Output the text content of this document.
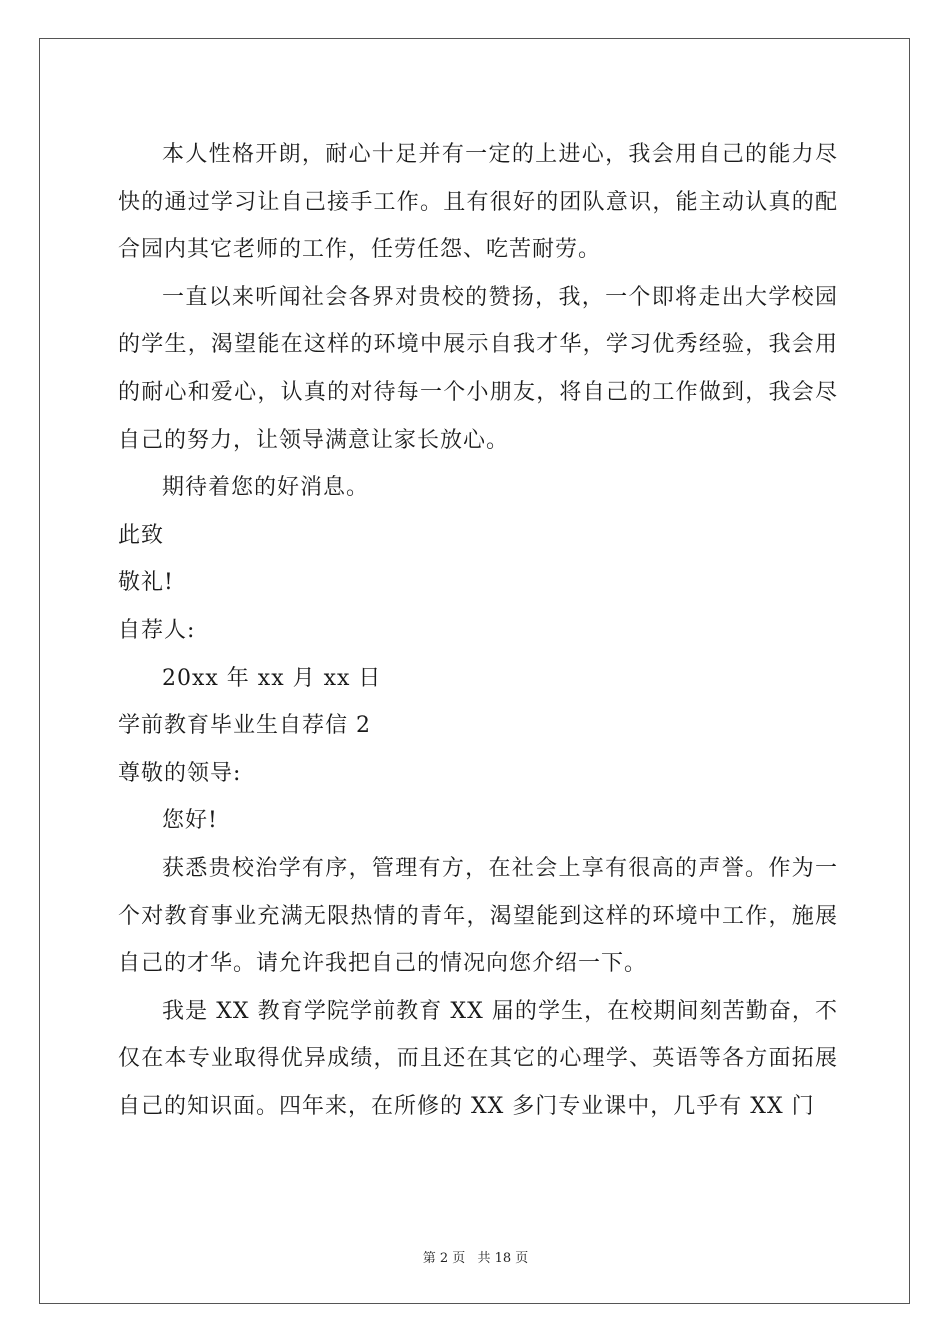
本人性格开朗，耐心十足并有一定的上进心，我会用自己的能力尽快的通过学习让自己接手工作。且有很好的团队意识，能主动认真的配合园内其它老师的工作，任劳任怨、吃苦耐劳。

一直以来听闻社会各界对贵校的赞扬，我，一个即将走出大学校园的学生，渴望能在这样的环境中展示自我才华，学习优秀经验，我会用的耐心和爱心，认真的对待每一个小朋友，将自己的工作做到，我会尽自己的努力，让领导满意让家长放心。

期待着您的好消息。

此致

敬礼!

自荐人:

20xx 年 xx 月 xx 日

学前教育毕业生自荐信 2

尊敬的领导:

您好!

获悉贵校治学有序，管理有方，在社会上享有很高的声誉。作为一个对教育事业充满无限热情的青年，渴望能到这样的环境中工作，施展自己的才华。请允许我把自己的情况向您介绍一下。

我是 XX 教育学院学前教育 XX 届的学生，在校期间刻苦勤奋，不仅在本专业取得优异成绩，而且还在其它的心理学、英语等各方面拓展自己的知识面。四年来，在所修的 XX 多门专业课中，几乎有 XX 门

第 2 页 共 18 页
